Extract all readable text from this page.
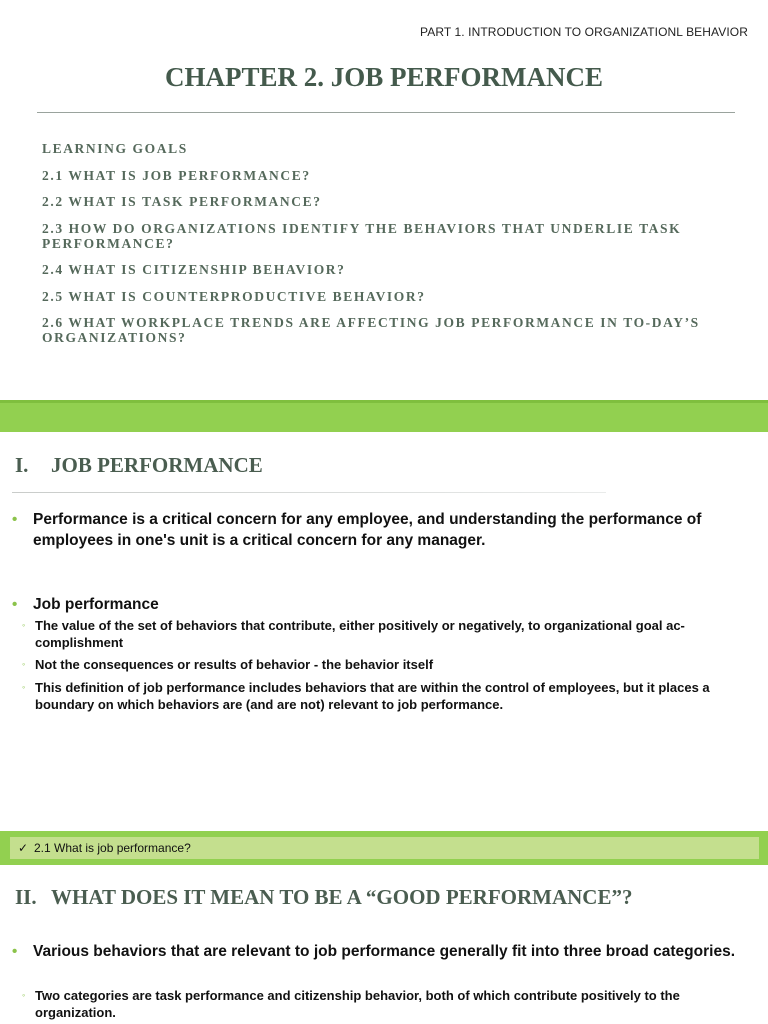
PART 1. INTRODUCTION TO ORGANIZATIONL BEHAVIOR
CHAPTER 2. JOB PERFORMANCE
LEARNING GOALS
2.1 WHAT IS JOB PERFORMANCE?
2.2 WHAT IS TASK PERFORMANCE?
2.3 HOW DO ORGANIZATIONS IDENTIFY THE BEHAVIORS THAT UNDERLIE TASK PERFORMANCE?
2.4 WHAT IS CITIZENSHIP BEHAVIOR?
2.5 WHAT IS COUNTERPRODUCTIVE BEHAVIOR?
2.6 WHAT WORKPLACE TRENDS ARE AFFECTING JOB PERFORMANCE IN TO-DAY’S ORGANIZATIONS?
I. JOB PERFORMANCE
• Performance is a critical concern for any employee, and understanding the performance of employees in one's unit is a critical concern for any manager.
• Job performance
◦ The value of the set of behaviors that contribute, either positively or negatively, to organizational goal ac-complishment
◦ Not the consequences or results of behavior - the behavior itself
◦ This definition of job performance includes behaviors that are within the control of employees, but it places a boundary on which behaviors are (and are not) relevant to job performance.
✓ 2.1 What is job performance?
II. WHAT DOES IT MEAN TO BE A “GOOD PERFORMANCE”?
• Various behaviors that are relevant to job performance generally fit into three broad categories.
◦ Two categories are task performance and citizenship behavior, both of which contribute positively to the organization.
